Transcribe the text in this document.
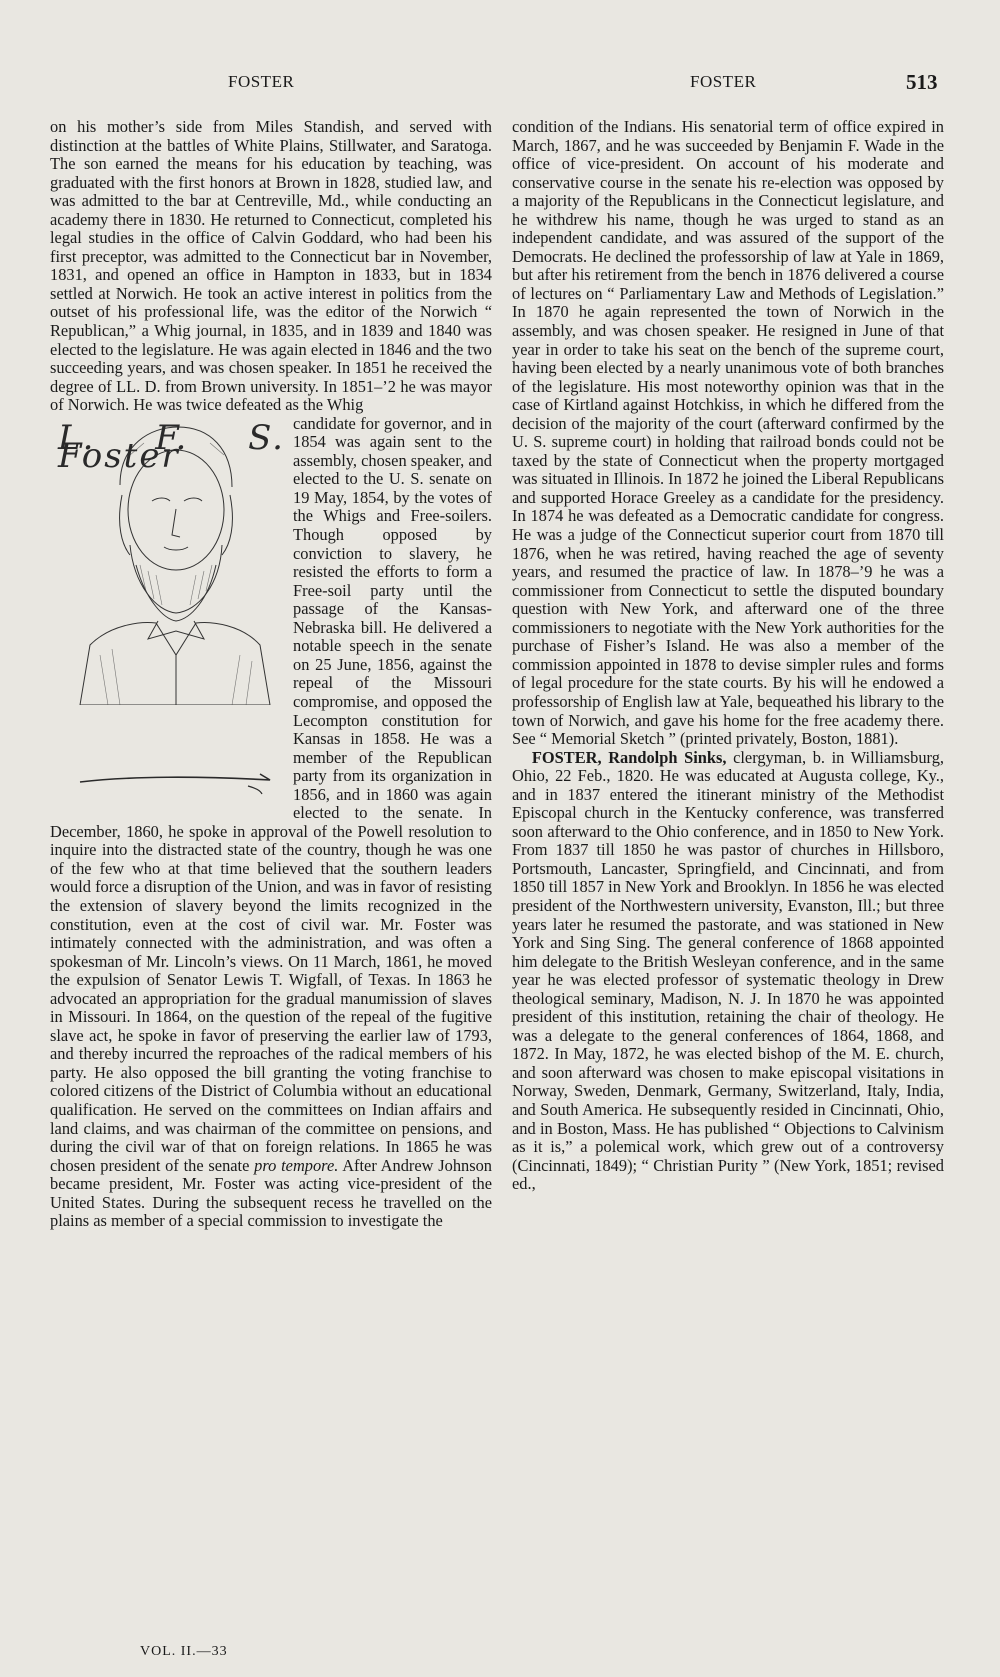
FOSTER	FOSTER	513

on his mother’s side from Miles Standish, and served with distinction at the battles of White Plains, Stillwater, and Saratoga. The son earned the means for his education by teaching, was graduated with the first honors at Brown in 1828, studied law, and was admitted to the bar at Centreville, Md., while conducting an academy there in 1830. He returned to Connecticut, completed his legal studies in the office of Calvin Goddard, who had been his first preceptor, was admitted to the Connecticut bar in November, 1831, and opened an office in Hampton in 1833, but in 1834 settled at Norwich. He took an active interest in politics from the outset of his professional life, was the editor of the Norwich “ Republican,” a Whig journal, in 1835, and in 1839 and 1840 was elected to the legislature. He was again elected in 1846 and the two succeeding years, and was chosen speaker. In 1851 he received the degree of LL. D. from Brown university. In 1851–’2 he was mayor of Norwich. He was twice defeated as the Whig

L. F. S. Foster

candidate for governor, and in 1854 was again sent to the assembly, chosen speaker, and elected to the U. S. senate on 19 May, 1854, by the votes of the Whigs and Free-soilers. Though opposed by conviction to slavery, he resisted the efforts to form a Free-soil party until the passage of the Kansas-Nebraska bill. He delivered a notable speech in the senate on 25 June, 1856, against the repeal of the Missouri compromise, and opposed the Lecompton constitution for Kansas in 1858. He was a member of the Republican party from its organization in 1856, and in 1860 was again elected to the senate. In December, 1860, he spoke in approval of the Powell resolution to inquire into the distracted state of the country, though he was one of the few who at that time believed that the southern leaders would force a disruption of the Union, and was in favor of resisting the extension of slavery beyond the limits recognized in the constitution, even at the cost of civil war. Mr. Foster was intimately connected with the administration, and was often a spokesman of Mr. Lincoln’s views. On 11 March, 1861, he moved the expulsion of Senator Lewis T. Wigfall, of Texas. In 1863 he advocated an appropriation for the gradual manumission of slaves in Missouri. In 1864, on the question of the repeal of the fugitive slave act, he spoke in favor of preserving the earlier law of 1793, and thereby incurred the reproaches of the radical members of his party. He also opposed the bill granting the voting franchise to colored citizens of the District of Columbia without an educational qualification. He served on the committees on Indian affairs and land claims, and was chairman of the committee on pensions, and during the civil war of that on foreign relations. In 1865 he was chosen president of the senate pro tempore. After Andrew Johnson became president, Mr. Foster was acting vice-president of the United States. During the subsequent recess he travelled on the plains as member of a special commission to investigate the

condition of the Indians. His senatorial term of office expired in March, 1867, and he was succeeded by Benjamin F. Wade in the office of vice-president. On account of his moderate and conservative course in the senate his re-election was opposed by a majority of the Republicans in the Connecticut legislature, and he withdrew his name, though he was urged to stand as an independent candidate, and was assured of the support of the Democrats. He declined the professorship of law at Yale in 1869, but after his retirement from the bench in 1876 delivered a course of lectures on “ Parliamentary Law and Methods of Legislation.” In 1870 he again represented the town of Norwich in the assembly, and was chosen speaker. He resigned in June of that year in order to take his seat on the bench of the supreme court, having been elected by a nearly unanimous vote of both branches of the legislature. His most noteworthy opinion was that in the case of Kirtland against Hotchkiss, in which he differed from the decision of the majority of the court (afterward confirmed by the U. S. supreme court) in holding that railroad bonds could not be taxed by the state of Connecticut when the property mortgaged was situated in Illinois. In 1872 he joined the Liberal Republicans and supported Horace Greeley as a candidate for the presidency. In 1874 he was defeated as a Democratic candidate for congress. He was a judge of the Connecticut superior court from 1870 till 1876, when he was retired, having reached the age of seventy years, and resumed the practice of law. In 1878–’9 he was a commissioner from Connecticut to settle the disputed boundary question with New York, and afterward one of the three commissioners to negotiate with the New York authorities for the purchase of Fisher’s Island. He was also a member of the commission appointed in 1878 to devise simpler rules and forms of legal procedure for the state courts. By his will he endowed a professorship of English law at Yale, bequeathed his library to the town of Norwich, and gave his home for the free academy there. See “ Memorial Sketch ” (printed privately, Boston, 1881).

FOSTER, Randolph Sinks, clergyman, b. in Williamsburg, Ohio, 22 Feb., 1820. He was educated at Augusta college, Ky., and in 1837 entered the itinerant ministry of the Methodist Episcopal church in the Kentucky conference, was transferred soon afterward to the Ohio conference, and in 1850 to New York. From 1837 till 1850 he was pastor of churches in Hillsboro, Portsmouth, Lancaster, Springfield, and Cincinnati, and from 1850 till 1857 in New York and Brooklyn. In 1856 he was elected president of the Northwestern university, Evanston, Ill.; but three years later he resumed the pastorate, and was stationed in New York and Sing Sing. The general conference of 1868 appointed him delegate to the British Wesleyan conference, and in the same year he was elected professor of systematic theology in Drew theological seminary, Madison, N. J. In 1870 he was appointed president of this institution, retaining the chair of theology. He was a delegate to the general conferences of 1864, 1868, and 1872. In May, 1872, he was elected bishop of the M. E. church, and soon afterward was chosen to make episcopal visitations in Norway, Sweden, Denmark, Germany, Switzerland, Italy, India, and South America. He subsequently resided in Cincinnati, Ohio, and in Boston, Mass. He has published “ Objections to Calvinism as it is,” a polemical work, which grew out of a controversy (Cincinnati, 1849); “ Christian Purity ” (New York, 1851; revised ed.,

VOL. II.—33
